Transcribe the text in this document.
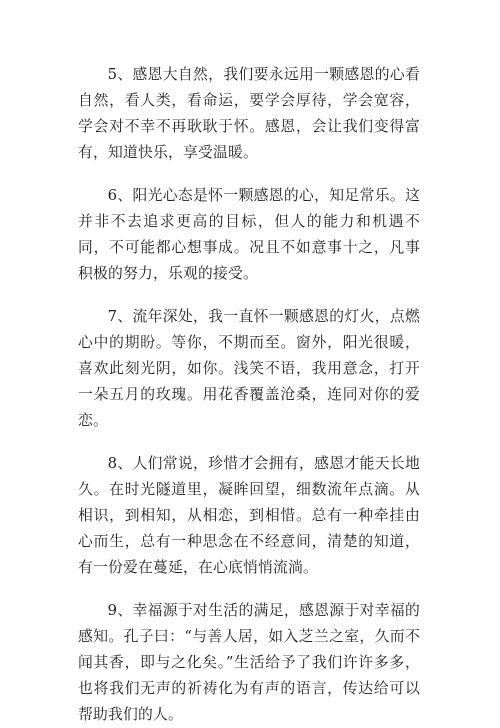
5、感恩大自然，我们要永远用一颗感恩的心看自然，看人类，看命运，要学会厚待，学会宽容，学会对不幸不再耿耿于怀。感恩，会让我们变得富有，知道快乐，享受温暖。

6、阳光心态是怀一颗感恩的心，知足常乐。这并非不去追求更高的目标，但人的能力和机遇不同，不可能都心想事成。况且不如意事十之，凡事积极的努力，乐观的接受。

7、流年深处，我一直怀一颗感恩的灯火，点燃心中的期盼。等你，不期而至。窗外，阳光很暖，喜欢此刻光阴，如你。浅笑不语，我用意念，打开一朵五月的玫瑰。用花香覆盖沧桑，连同对你的爱恋。

8、人们常说，珍惜才会拥有，感恩才能天长地久。在时光隧道里，凝眸回望，细数流年点滴。从相识，到相知，从相恋，到相惜。总有一种牵挂由心而生，总有一种思念在不经意间，清楚的知道，有一份爱在蔓延，在心底悄悄流淌。

9、幸福源于对生活的满足，感恩源于对幸福的感知。孔子曰：“与善人居，如入芝兰之室，久而不闻其香，即与之化矣。”生活给予了我们许许多多，也将我们无声的祈祷化为有声的语言，传达给可以帮助我们的人。
